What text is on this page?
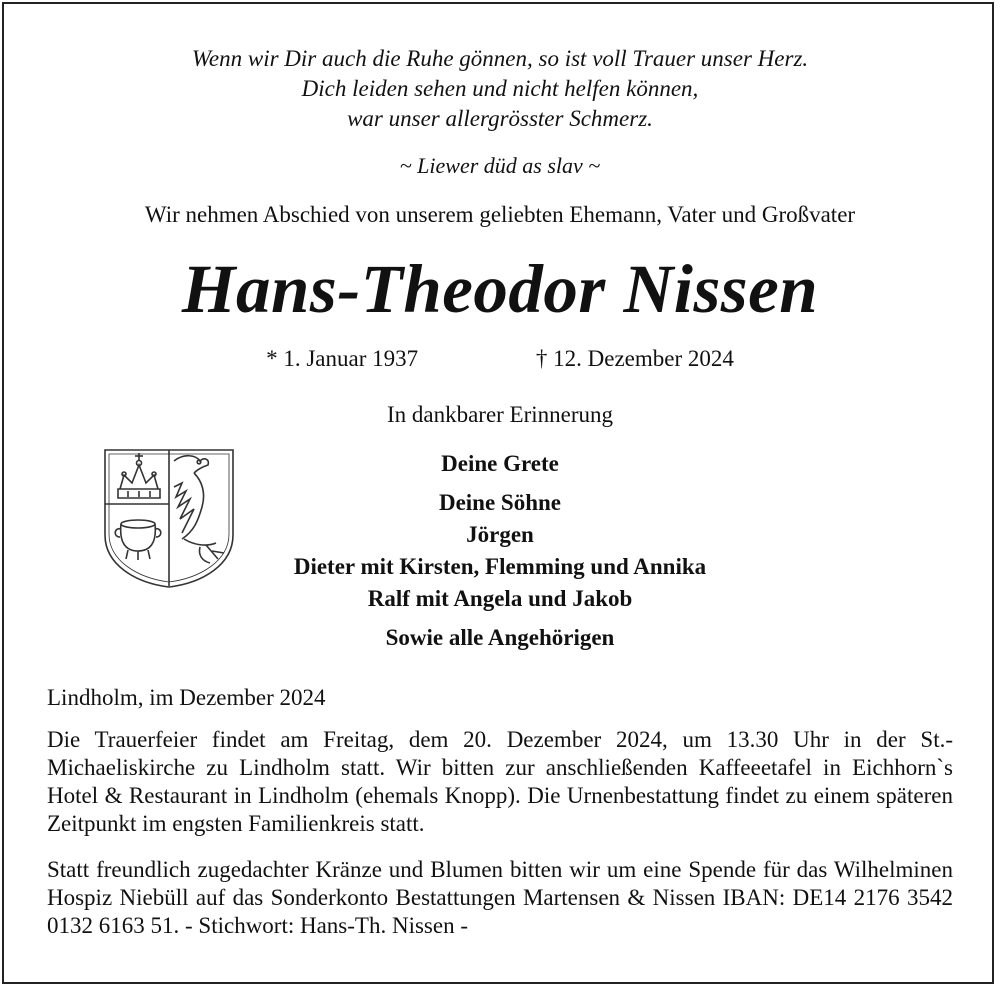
Wenn wir Dir auch die Ruhe gönnen, so ist voll Trauer unser Herz.
Dich leiden sehen und nicht helfen können,
war unser allergrösster Schmerz.
~ Liewer düd as slav ~
Wir nehmen Abschied von unserem geliebten Ehemann, Vater und Großvater
Hans-Theodor Nissen
* 1. Januar 1937	† 12. Dezember 2024
In dankbarer Erinnerung
Deine Grete
Deine Söhne
Jörgen
Dieter mit Kirsten, Flemming und Annika
Ralf mit Angela und Jakob
Sowie alle Angehörigen
Lindholm, im Dezember 2024
Die Trauerfeier findet am Freitag, dem 20. Dezember 2024, um 13.30 Uhr in der St.-Michaeliskirche zu Lindholm statt. Wir bitten zur anschließenden Kaffeeetafel in Eichhorn`s Hotel & Restaurant in Lindholm (ehemals Knopp). Die Urnenbestattung findet zu einem späteren Zeitpunkt im engsten Familienkreis statt.
Statt freundlich zugedachter Kränze und Blumen bitten wir um eine Spende für das Wilhelminen Hospiz Niebüll auf das Sonderkonto Bestattungen Martensen & Nissen IBAN: DE14 2176 3542 0132 6163 51. - Stichwort: Hans-Th. Nissen -
